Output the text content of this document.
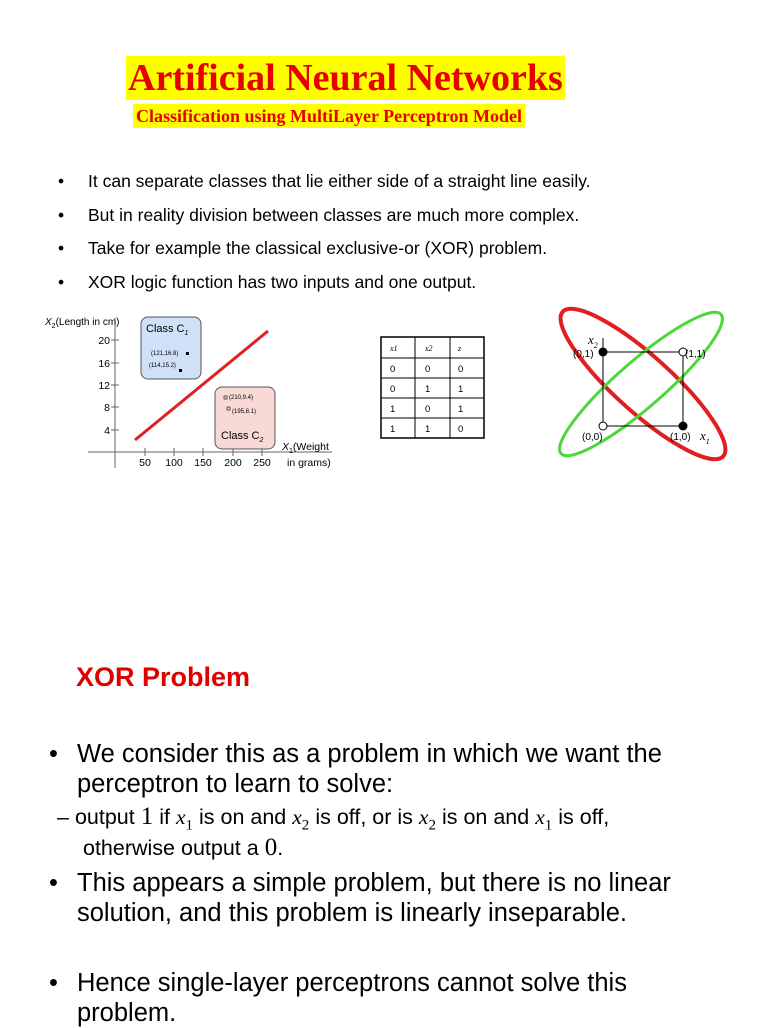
Artificial Neural Networks
Classification using MultiLayer Perceptron Model
• It can separate classes that lie either side of a straight line easily.
• But in reality division between classes are much more complex.
• Take for example the classical exclusive-or (XOR) problem.
• XOR logic function has two inputs and one output.
$X_2(Length$ in cm)
20
16
12
8
4
50 100 150 200 250
$X_1(Weight$
in grams)
Class $C_1$
(121,16.8)
(114,15.2)
(210,9.4)
(195,8.1)
Class $C_2$
x1	x2	z
0	0	0
0	1	1
1	0	1
1	1	0
$x_2$
(0,1)	(1,1)
(0,0)	(1,0) $x_1$
XOR Problem
• We consider this as a problem in which we want the perceptron to learn to solve:
– output 1 if $x_1$ is on and $x_2$ is off, or is $x_2$ is on and $x_1$ is off,
otherwise output a 0.
• This appears a simple problem, but there is no linear solution, and this problem is linearly inseparable.
• Hence single-layer perceptrons cannot solve this problem.
